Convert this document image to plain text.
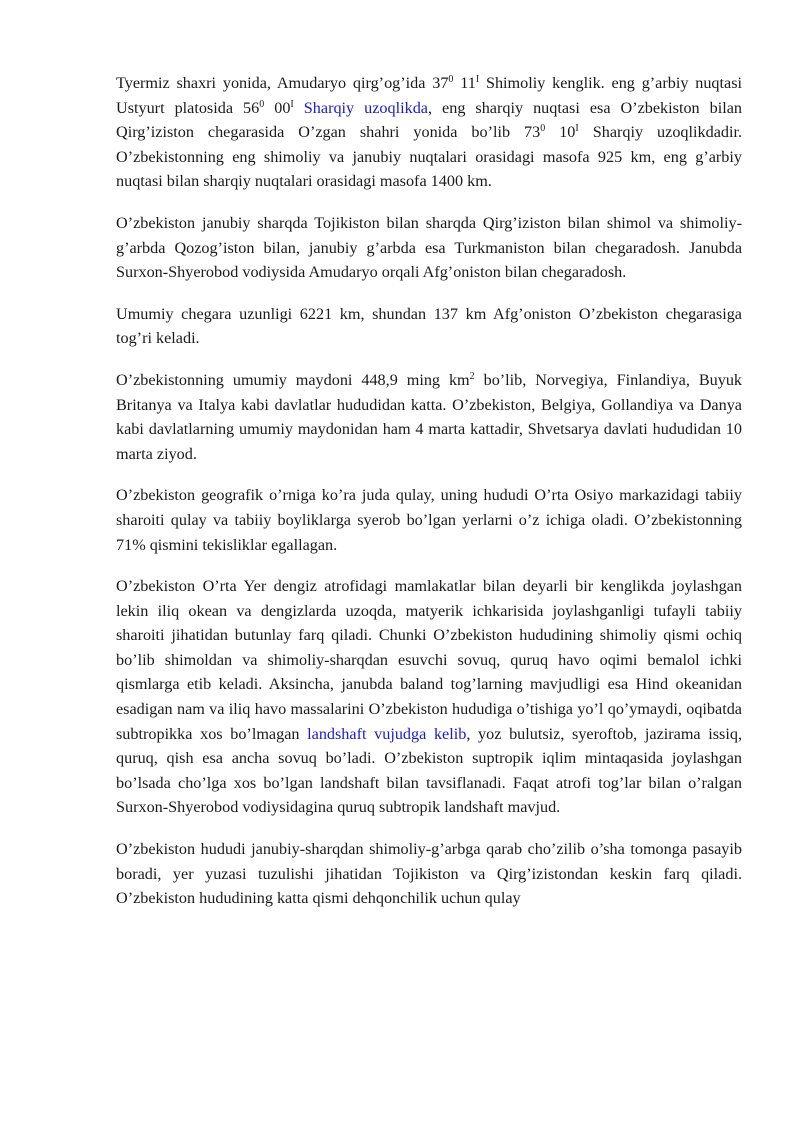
Tyermiz shaxri yonida, Amudaryo qirg’og’ida $37^0$ $11^I$ Shimoliy kenglik. eng g’arbiy nuqtasi Ustyurt platosida $56^0$ $00^I$ Sharqiy uzoqlikda, eng sharqiy nuqtasi esa O’zbekiston bilan Qirg’iziston chegarasida O’zgan shahri yonida bo’lib $73^0$ $10^I$ Sharqiy uzoqlikdadir. O’zbekistonning eng shimoliy va janubiy nuqtalari orasidagi masofa 925 km, eng g’arbiy nuqtasi bilan sharqiy nuqtalari orasidagi masofa 1400 km.

O’zbekiston janubiy sharqda Tojikiston bilan sharqda Qirg’iziston bilan shimol va shimoliy-g’arbda Qozog’iston bilan, janubiy g’arbda esa Turkmaniston bilan chegaradosh. Janubda Surxon-Shyerobod vodiysida Amudaryo orqali Afg’oniston bilan chegaradosh.

Umumiy chegara uzunligi 6221 km, shundan 137 km Afg’oniston O’zbekiston chegarasiga tog’ri keladi.

O’zbekistonning umumiy maydoni 448,9 ming $km^2$ bo’lib, Norvegiya, Finlandiya, Buyuk Britanya va Italya kabi davlatlar hududidan katta. O’zbekiston, Belgiya, Gollandiya va Danya kabi davlatlarning umumiy maydonidan ham 4 marta kattadir, Shvetsarya davlati hududidan 10 marta ziyod.

O’zbekiston geografik o’rniga ko’ra juda qulay, uning hududi O’rta Osiyo markazidagi tabiiy sharoiti qulay va tabiiy boyliklarga syerob bo’lgan yerlarni o’z ichiga oladi. O’zbekistonning 71% qismini tekisliklar egallagan.

O’zbekiston O’rta Yer dengiz atrofidagi mamlakatlar bilan deyarli bir kenglikda joylashgan lekin iliq okean va dengizlarda uzoqda, matyerik ichkarisida joylashganligi tufayli tabiiy sharoiti jihatidan butunlay farq qiladi. Chunki O’zbekiston hududining shimoliy qismi ochiq bo’lib shimoldan va shimoliy-sharqdan esuvchi sovuq, quruq havo oqimi bemalol ichki qismlarga etib keladi. Aksincha, janubda baland tog’larning mavjudligi esa Hind okeanidan esadigan nam va iliq havo massalarini O’zbekiston hududiga o’tishiga yo’l qo’ymaydi, oqibatda subtropikka xos bo’lmagan landshaft vujudga kelib, yoz bulutsiz, syeroftob, jazirama issiq, quruq, qish esa ancha sovuq bo’ladi. O’zbekiston suptropik iqlim mintaqasida joylashgan bo’lsada cho’lga xos bo’lgan landshaft bilan tavsiflanadi. Faqat atrofi tog’lar bilan o’ralgan Surxon-Shyerobod vodiysidagina quruq subtropik landshaft mavjud.

O’zbekiston hududi janubiy-sharqdan shimoliy-g’arbga qarab cho’zilib o’sha tomonga pasayib boradi, yer yuzasi tuzulishi jihatidan Tojikiston va Qirg’izistondan keskin farq qiladi. O’zbekiston hududining katta qismi dehqonchilik uchun qulay
